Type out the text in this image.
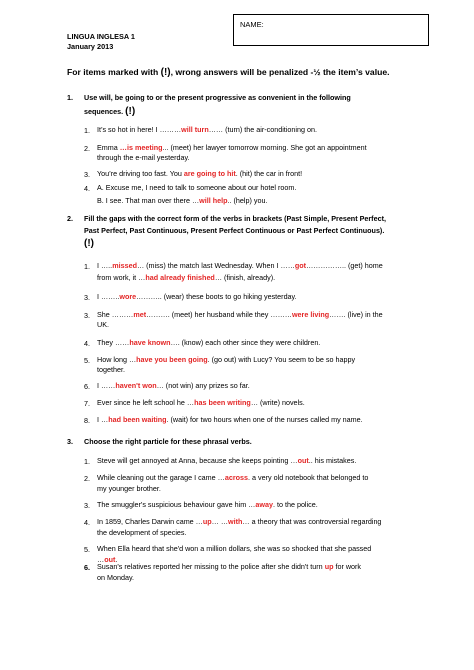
NAME:
LINGUA INGLESA 1
January 2013
For items marked with (!), wrong answers will be penalized -½ the item’s value.
1. Use will, be going to or the present progressive as convenient in the following
sequences. (!)
1. It’s so hot in here! I ………will turn…… (turn) the air-conditioning on.
2. Emma …is meeting... (meet) her lawyer tomorrow morning. She got an appointment
through the e-mail yesterday.
3. You’re driving too fast. You are going to hit. (hit) the car in front!
4. A. Excuse me, I need to talk to someone about our hotel room.
B. I see. That man over there …will help.. (help) you.
2. Fill the gaps with the correct form of the verbs in brackets (Past Simple, Present Perfect,
Past Perfect, Past Continuous, Present Perfect Continuous or Past Perfect Continuous).
(!)
1. I …..missed… (miss) the match last Wednesday. When I ……got…………….. (get) home
from work, it …had already finished… (finish, already).
3. I ……..wore……….. (wear) these boots to go hiking yesterday.
3. She ………met………. (meet) her husband while they ………were living……. (live) in the
UK.
4. They ……have known…. (know) each other since they were children.
5. How long …have you been going. (go out) with Lucy? You seem to be so happy
together.
6. I ……haven't won… (not win) any prizes so far.
7. Ever since he left school he …has been writing… (write) novels.
8. I …had been waiting. (wait) for two hours when one of the nurses called my name.
3. Choose the right particle for these phrasal verbs.
1. Steve will get annoyed at Anna, because she keeps pointing …out.. his mistakes.
2. While cleaning out the garage I came …across. a very old notebook that belonged to
my younger brother.
3. The smuggler's suspicious behaviour gave him …away. to the police.
4. In 1859, Charles Darwin came …up… …with… a theory that was controversial regarding
the development of species.
5. When Ella heard that she'd won a million dollars, she was so shocked that she passed
…out.
6. Susan's relatives reported her missing to the police after she didn't turn up for work
on Monday.
